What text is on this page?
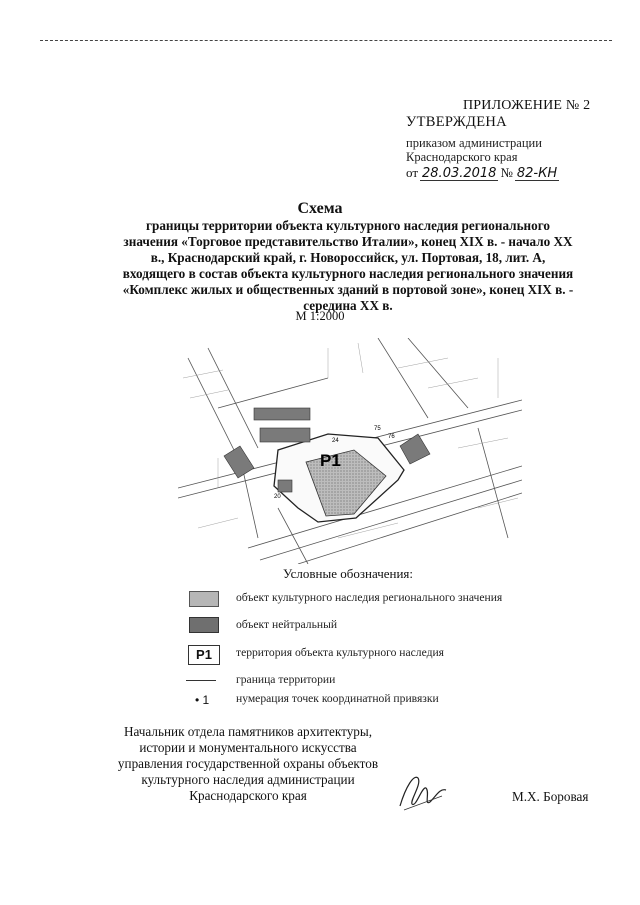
ПРИЛОЖЕНИЕ № 2
УТВЕРЖДЕНА
приказом администрации
Краснодарского края
от 28.03.2018 № 82-КН
Схема
границы территории объекта культурного наследия регионального значения «Торговое представительство Италии», конец XIX в. - начало XX в., Краснодарский край, г. Новороссийск, ул. Портовая, 18, лит. А, входящего в состав объекта культурного наследия регионального значения «Комплекс жилых и общественных зданий в портовой зоне», конец XIX в. - середина XX в.
М 1:2000
Р1
24
75
76
20
Условные обозначения:
объект культурного наследия регионального значения
объект нейтральный
Р1	территория объекта культурного наследия
граница территории
• 1 нумерация точек координатной привязки
Начальник отдела памятников архитектуры, истории и монументального искусства управления государственной охраны объектов культурного наследия администрации Краснодарского края	М.Х. Боровая
